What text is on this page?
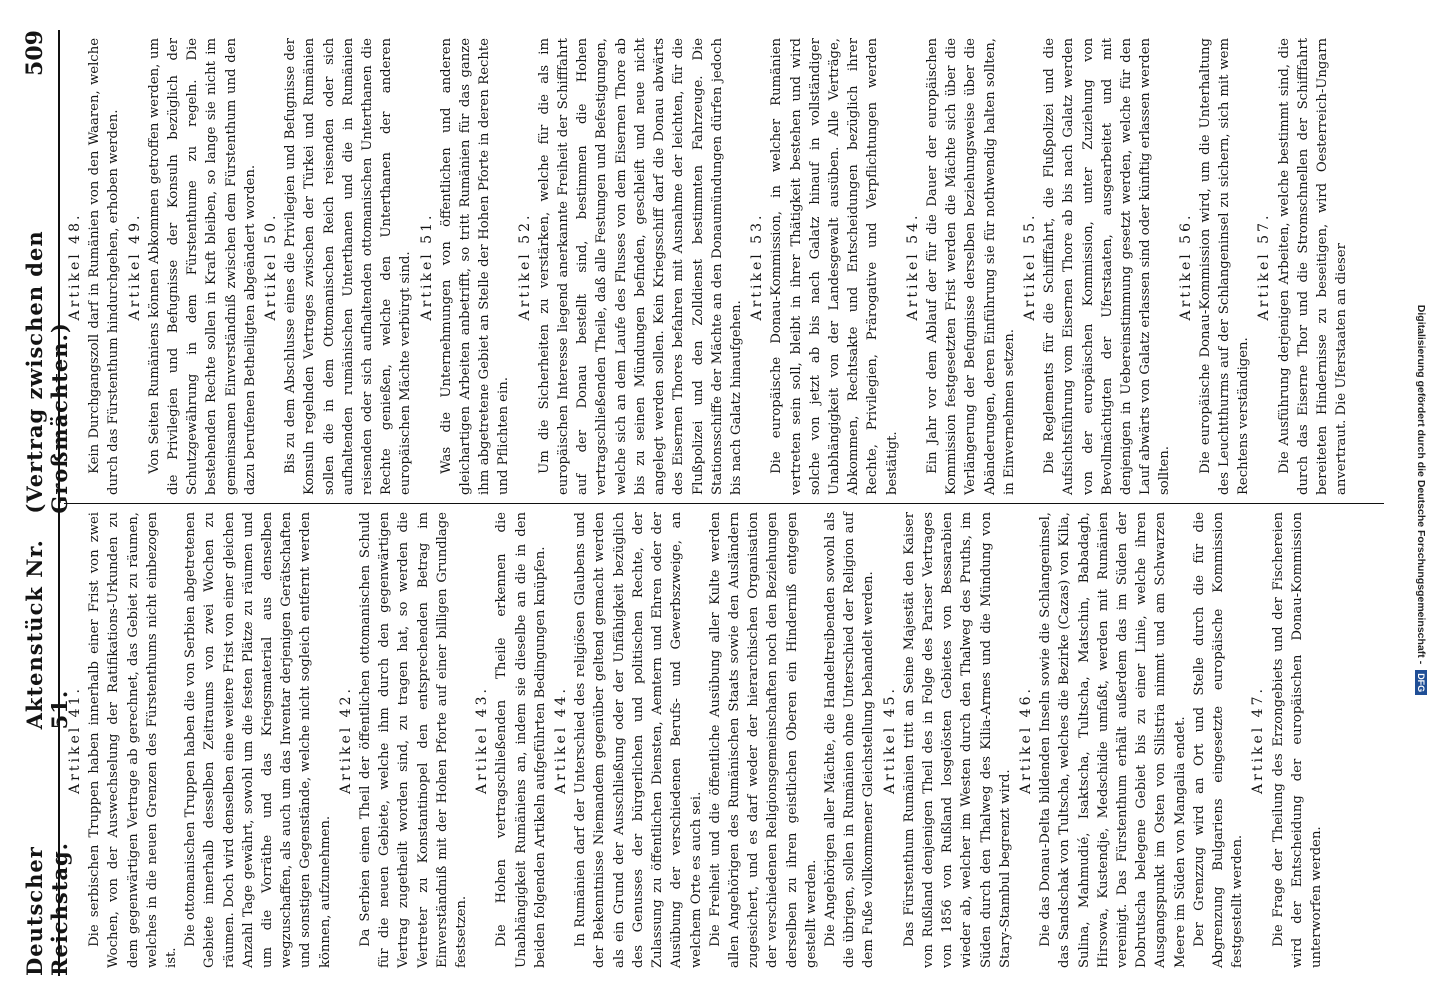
Deutscher Reichstag.
Aktenstück Nr. 51.
(Vertrag zwischen den Großmächten.)
509
Artikel 41. Die serbischen Truppen haben innerhalb einer Frist von zwei Wochen, von der Auswechselung der Ratifikations-Urkunden zu dem gegenwärtigen Vertrage ab gerechnet, das Gebiet zu räumen, welches in die neuen Grenzen des Fürstenthums nicht einbezogen ist.

Die ottomanischen Truppen haben die von Serbien abgetretenen Gebiete innerhalb desselben Zeitraums von zwei Wochen zu räumen. Doch wird denselben eine weitere Frist von einer gleichen Anzahl Tage gewährt, sowohl um die festen Plätze zu räumen und um die Vorräthe und das Kriegsmaterial aus denselben wegzuschaffen, als auch um das Inventar derjenigen Gerätschaften und sonstigen Gegenstände, welche nicht sogleich entfernt werden können, aufzunehmen.

Artikel 42. Da Serbien einen Theil der öffentlichen ottomanischen Schuld für die neuen Gebiete, welche ihm durch den gegenwärtigen Vertrag zugetheilt worden sind, zu tragen hat, so werden die Vertreter zu Konstantinopel den entsprechenden Betrag im Einverständniß mit der Hohen Pforte auf einer billigen Grundlage festsetzen.

Artikel 43. Die Hohen vertragschließenden Theile erkennen die Unabhängigkeit Rumäniens an, indem sie dieselbe an die in den beiden folgenden Artikeln aufgeführten Bedingungen knüpfen. Artikel 44. In Rumänien darf der Unterschied des religiösen Glaubens und der Bekenntnisse Niemandem gegenüber geltend gemacht werden als ein Grund der Ausschließung oder der Unfähigkeit bezüglich des Genusses der bürgerlichen und politischen Rechte, der Zulassung zu öffentlichen Diensten, Aemtern und Ehren oder der Ausübung der verschiedenen Berufs- und Gewerbszweige, an welchem Orte es auch sei. Die Freiheit und die öffentliche Ausübung aller Kulte werden allen Angehörigen des Rumänischen Staats sowie den Ausländern zugesichert, und es darf weder der hierarchischen Organisation der verschiedenen Religionsgemeinschaften noch den Beziehungen derselben zu ihren geistlichen Oberen ein Hinderniß entgegen gestellt werden. Die Angehörigen aller Mächte, die Handeltreibenden sowohl als die übrigen, sollen in Rumänien ohne Unterschied der Religion auf dem Fuße vollkommener Gleichstellung behandelt werden. Artikel 45. Das Fürstenthum Rumänien tritt an Seine Majestät den Kaiser von Rußland denjenigen Theil des in Folge des Pariser Vertrages von 1856 von Rußland losgelösten Gebietes von Bessarabien wieder ab, welcher im Westen durch den Thalweg des Pruths, im Süden durch den Thalweg des Kilia-Armes und die Mündung von Stary-Stambul begrenzt wird.

Artikel 46. Die das Donau-Delta bildenden Inseln sowie die Schlangeninsel, das Sandschak von Tultscha, welches die Bezirke (Cazas) von Kilia, Sulina, Mahmudié, Isaktscha, Tultscha, Matschin, Babadagh, Hirsowa, Kustendje, Medschidie umfaßt, werden mit Rumänien vereinigt. Das Fürstenthum erhält außerdem das im Süden der Dobrutscha belegene Gebiet bis zu einer Linie, welche ihren Ausgangspunkt im Osten von Silistria nimmt und am Schwarzen Meere im Süden von Mangalia endet. Der Grenzzug wird an Ort und Stelle durch die für die Abgrenzung Bulgariens eingesetzte europäische Kommission festgestellt werden.

Artikel 47. Die Frage der Theilung des Erzongebiets und der Fischereien wird der Entscheidung der europäischen Donau-Kommission unterworfen werden.

Artikel 48. Kein Durchgangszoll darf in Rumänien von den Waaren, welche durch das Fürstenthum hindurchgehen, erhoben werden. Artikel 49. Von Seiten Rumäniens können Abkommen getroffen werden, um die Privilegien und Befugnisse der Konsuln bezüglich der Schutzgewährung in dem Fürstenthume zu regeln. Die bestehenden Rechte sollen in Kraft bleiben, so lange sie nicht im gemeinsamen Einverständniß zwischen dem Fürstenthum und den dazu berufenen Betheiligten abgeändert worden. Artikel 50. Bis zu dem Abschlusse eines die Privilegien und Befugnisse der Konsuln regelnden Vertrages zwischen der Türkei und Rumänien sollen die in dem Ottomanischen Reich reisenden oder sich aufhaltenden rumänischen Unterthanen und die in Rumänien reisenden oder sich aufhaltenden ottomanischen Unterthanen die Rechte genießen, welche den Unterthanen der anderen europäischen Mächte verbürgt sind. Artikel 51. Was die Unternehmungen von öffentlichen und anderen gleichartigen Arbeiten anbetrifft, so tritt Rumänien für das ganze ihm abgetretene Gebiet an Stelle der Hohen Pforte in deren Rechte und Pflichten ein.

Artikel 52. Um die Sicherheiten zu verstärken, welche für die als im europäischen Interesse liegend anerkannte Freiheit der Schifffahrt auf der Donau bestellt sind, bestimmen die Hohen vertragschließenden Theile, daß alle Festungen und Befestigungen, welche sich an dem Laufe des Flusses von dem Eisernen Thore ab bis zu seinen Mündungen befinden, geschleift und neue nicht angelegt werden sollen. Kein Kriegsschiff darf die Donau abwärts des Eisernen Thores befahren mit Ausnahme der leichten, für die Flußpolizei und den Zolldienst bestimmten Fahrzeuge. Die Stationsschiffe der Mächte an den Donaumündungen dürfen jedoch bis nach Galatz hinaufgehen.

Artikel 53. Die europäische Donau-Kommission, in welcher Rumänien vertreten sein soll, bleibt in ihrer Thätigkeit bestehen und wird solche von jetzt ab bis nach Galatz hinauf in vollständiger Unabhängigkeit von der Landesgewalt ausüben. Alle Verträge, Abkommen, Rechtsakte und Entscheidungen bezüglich ihrer Rechte, Privilegien, Prärogative und Verpflichtungen werden bestätigt.

Artikel 54. Ein Jahr vor dem Ablauf der für die Dauer der europäischen Kommission festgesetzten Frist werden die Mächte sich über die Verlängerung der Befugnisse derselben beziehungsweise über die Abänderungen, deren Einführung sie für nothwendig halten sollten, in Einvernehmen setzen.

Artikel 55. Die Reglements für die Schifffahrt, die Flußpolizei und die Aufsichtsführung vom Eisernen Thore ab bis nach Galatz werden von der europäischen Kommission, unter Zuziehung von Bevollmächtigten der Uferstaaten, ausgearbeitet und mit denjenigen in Uebereinstimmung gesetzt werden, welche für den Lauf abwärts von Galatz erlassen sind oder künftig erlassen werden sollten.

Artikel 56. Die europäische Donau-Kommission wird, um die Unterhaltung des Leuchtthurms auf der Schlangeninsel zu sichern, sich mit wem Rechtens verständigen.

Artikel 57. Die Ausführung derjenigen Arbeiten, welche bestimmt sind, die durch das Eiserne Thor und die Stromschnellen der Schifffahrt bereiteten Hindernisse zu beseitigen, wird Oesterreich-Ungarn anvertraut. Die Uferstaaten an dieser	Digitalisierung gefördert durch die Deutsche Forschungsgemeinschaft -
DFG
